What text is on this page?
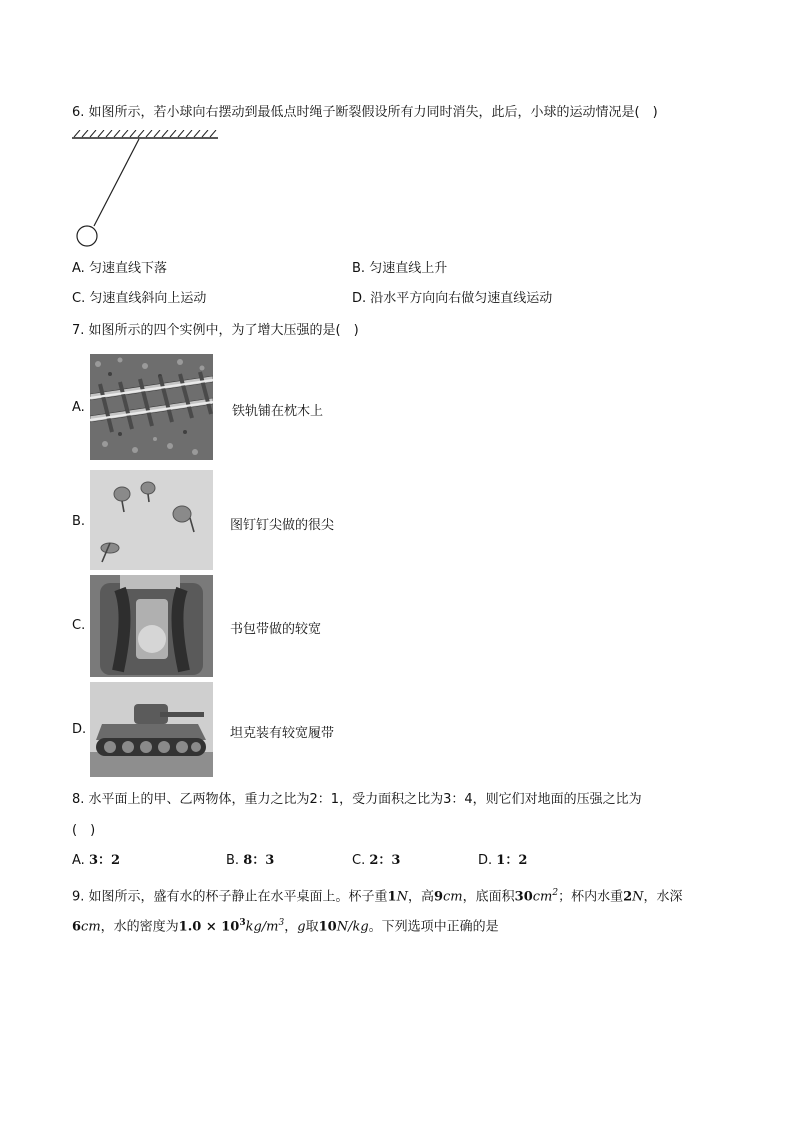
6. 如图所示，若小球向右摆动到最低点时绳子断裂假设所有力同时消失，此后，小球的运动情况是(　)
A. 匀速直线下落	B. 匀速直线上升
C. 匀速直线斜向上运动	D. 沿水平方向向右做匀速直线运动
7. 如图所示的四个实例中，为了增大压强的是(　)
A.	铁轨铺在枕木上
B.	图钉钉尖做的很尖
C.	书包带做的较宽
D.	坦克装有较宽履带
8. 水平面上的甲、乙两物体，重力之比为2：1，受力面积之比为3：4，则它们对地面的压强之比为
(　)
A. 3：2	B. 8：3	C. 2：3	D. 1：2
9. 如图所示，盛有水的杯子静止在水平桌面上。杯子重1N，高9cm，底面积$30cm^2$；杯内水重2N，水深
6cm，水的密度为$1.0 \times 10^3kg/m^3$，g取10N/kg。下列选项中正确的是
